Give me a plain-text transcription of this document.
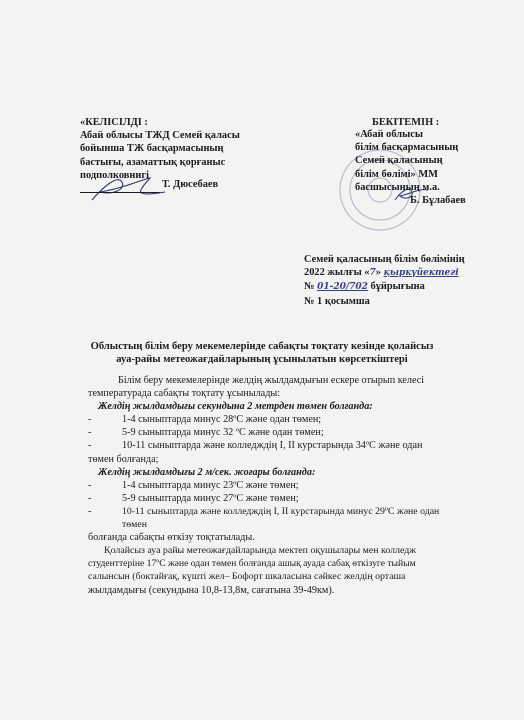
«КЕЛІСІЛДІ :
Абай облысы ТЖД Семей қаласы
бойынша ТЖ басқармасының
бастығы, азаматтық қорғаныс
подполковнигі
Т. Дюсебаев
БЕКІТЕМІН :
«Абай облысы
білім басқармасының
Семей қаласының
білім бөлімі» ММ
басшысының м.а.
Б. Бұлабаев
Семей қаласының білім бөлімінің
2022 жылғы «7» қыркүйектегі
№ 01-20/702 бұйрығына
№ 1 қосымша
Облыстың білім беру мекемелерінде сабақты тоқтату кезінде қолайсыз
ауа-райы метеожағдайларының ұсынылатын көрсеткіштері
Білім беру мекемелерінде желдің жылдамдығын ескере отырып келесі
температурада сабақты тоқтату ұсынылады:
Желдің жылдамдығы секундына 2 метрден төмен болғанда:
-	1-4 сыныптарда минус 28ºС және одан төмен;
-	5-9 сыныптарда минус 32 ºС және одан төмен;
-	10-11 сыныптарда және колледждің I, II курстарында 34ºС және одан
төмен болғанда;
Желдің жылдамдығы 2 м/сек. жоғары болғанда:
-	1-4 сыныптарда минус 23ºС және төмен;
-	5-9 сыныптарда минус 27ºС және төмен;
-	10-11 сыныптарда және колледждің I, II курстарында минус 29ºС және одан төмен
болғанда сабақты өткізу тоқтатылады.
Қолайсыз ауа райы метеожағдайларында мектеп оқушылары мен колледж
студенттеріне 17ºС және одан төмен болғанда ашық ауада сабақ өткізуге тыйым
салынсын (боктайғақ, күшті жел– Бофорт шкаласына сәйкес желдің орташа
жылдамдығы (секундына 10,8-13,8м, сағатына 39-49км).
